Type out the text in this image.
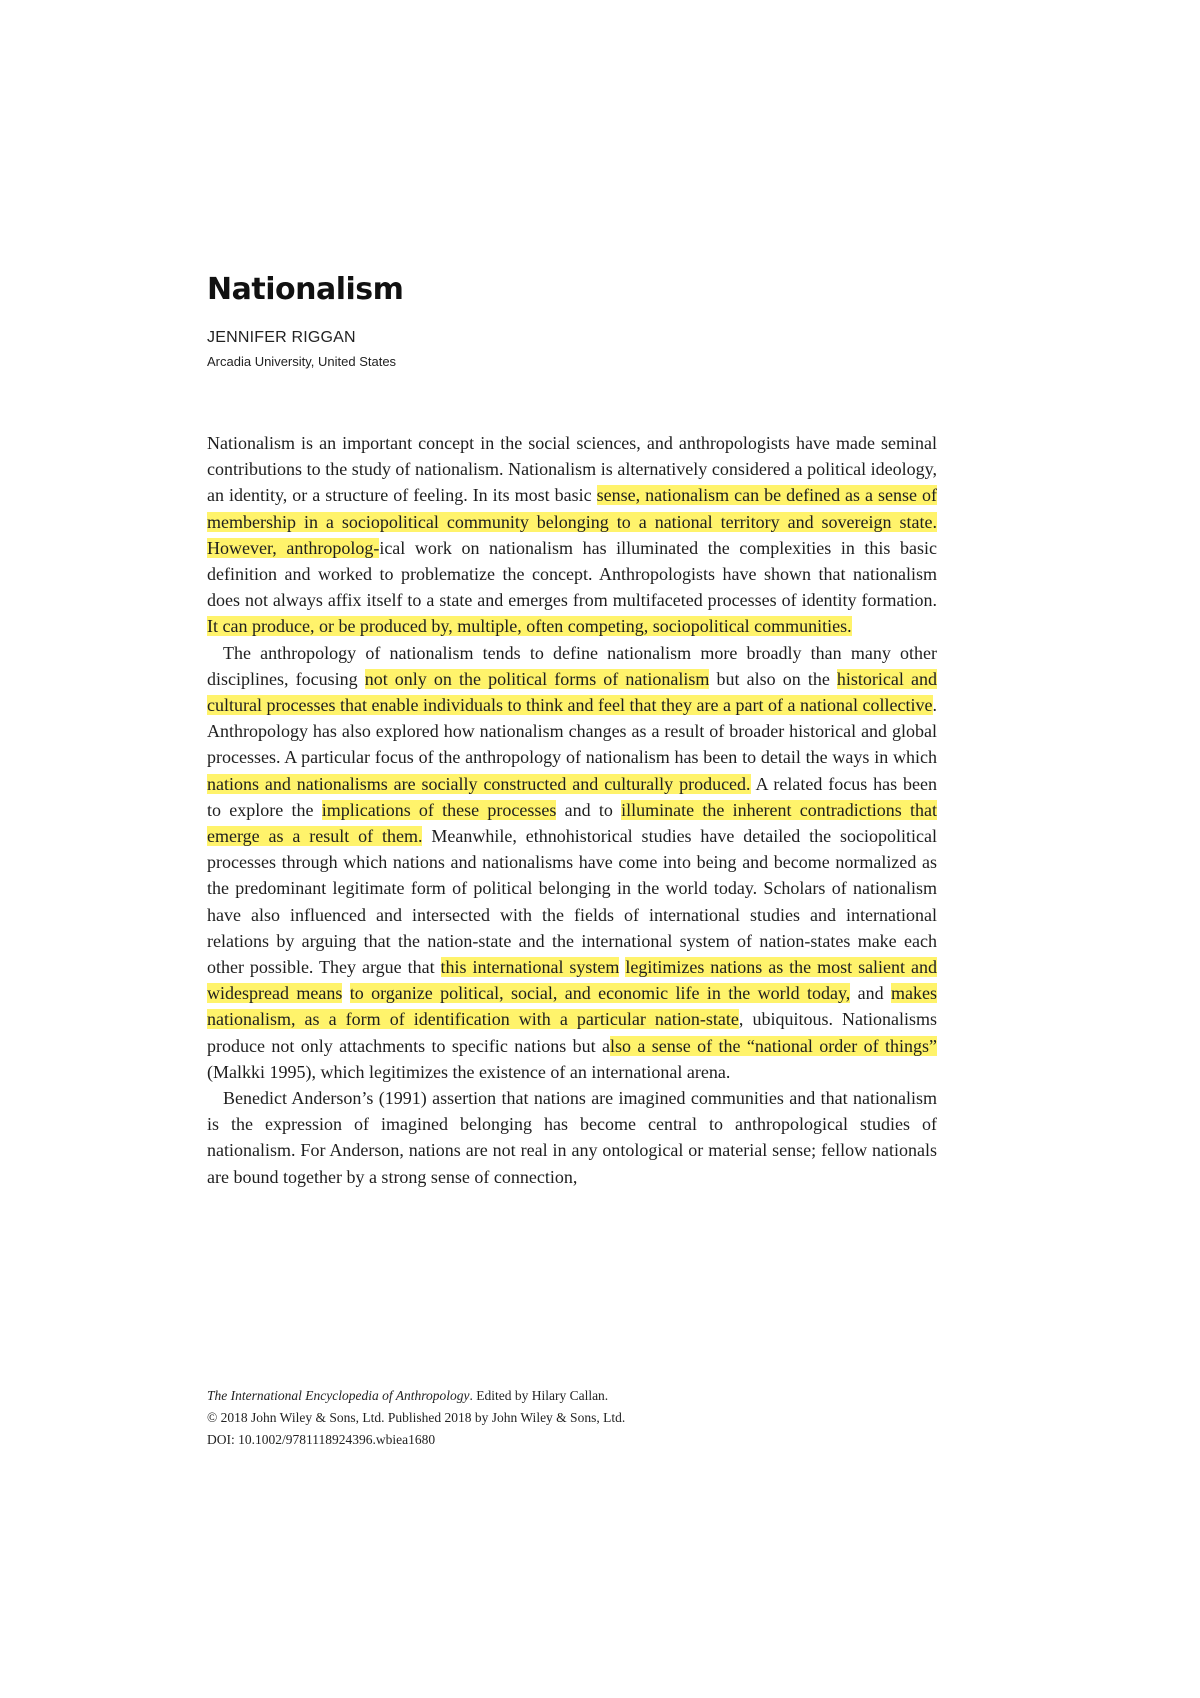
Nationalism
JENNIFER RIGGAN
Arcadia University, United States

Nationalism is an important concept in the social sciences, and anthropologists have made seminal contributions to the study of nationalism. Nationalism is alternatively considered a political ideology, an identity, or a structure of feeling. In its most basic sense, nationalism can be defined as a sense of membership in a sociopolitical community belonging to a national territory and sovereign state. However, anthropolog-ical work on nationalism has illuminated the complexities in this basic definition and worked to problematize the concept. Anthropologists have shown that nationalism does not always affix itself to a state and emerges from multifaceted processes of identity formation. It can produce, or be produced by, multiple, often competing, sociopolitical communities.

The anthropology of nationalism tends to define nationalism more broadly than many other disciplines, focusing not only on the political forms of nationalism but also on the historical and cultural processes that enable individuals to think and feel that they are a part of a national collective. Anthropology has also explored how nationalism changes as a result of broader historical and global processes. A particular focus of the anthropology of nationalism has been to detail the ways in which nations and nationalisms are socially constructed and culturally produced. A related focus has been to explore the implications of these processes and to illuminate the inherent contradictions that emerge as a result of them. Meanwhile, ethnohistorical studies have detailed the sociopolitical processes through which nations and nationalisms have come into being and become normalized as the predominant legitimate form of political belonging in the world today. Scholars of nationalism have also influenced and intersected with the fields of international studies and international relations by arguing that the nation-state and the international system of nation-states make each other possible. They argue that this international system legitimizes nations as the most salient and widespread means to organize political, social, and economic life in the world today, and makes nationalism, as a form of identification with a particular nation-state, ubiquitous. Nationalisms produce not only attachments to specific nations but also a sense of the “national order of things” (Malkki 1995), which legitimizes the existence of an international arena.

Benedict Anderson’s (1991) assertion that nations are imagined communities and that nationalism is the expression of imagined belonging has become central to anthropological studies of nationalism. For Anderson, nations are not real in any ontological or material sense; fellow nationals are bound together by a strong sense of connection,

The International Encyclopedia of Anthropology. Edited by Hilary Callan.
© 2018 John Wiley & Sons, Ltd. Published 2018 by John Wiley & Sons, Ltd.
DOI: 10.1002/9781118924396.wbiea1680
